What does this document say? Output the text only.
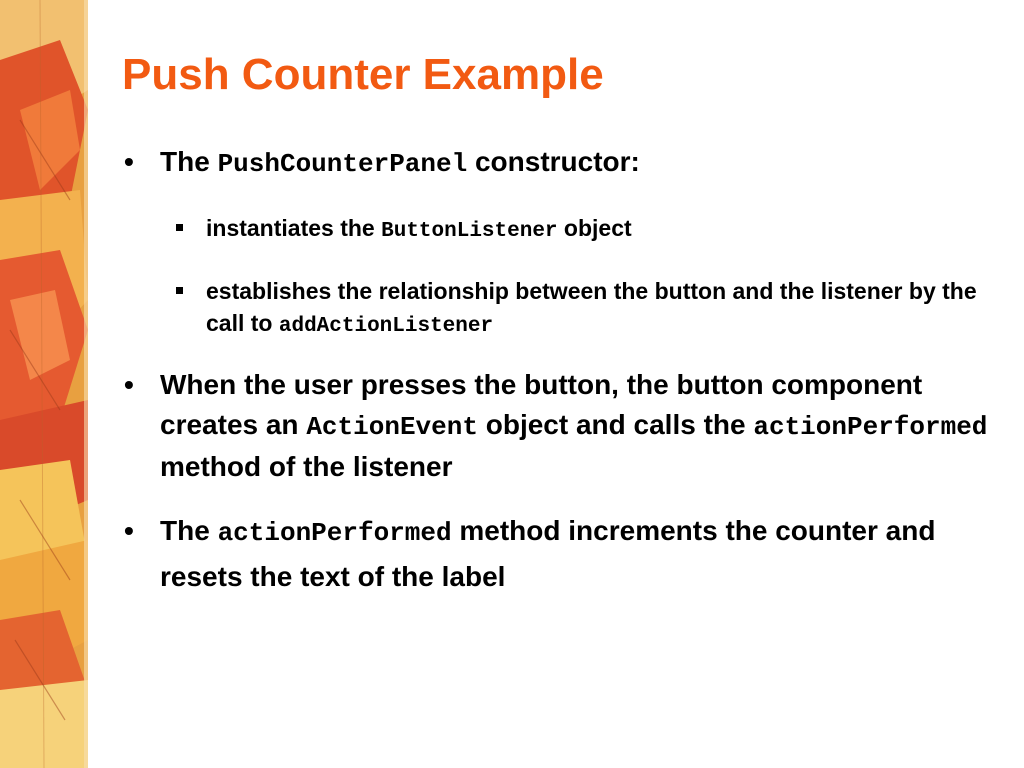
Push Counter Example
• The PushCounterPanel constructor:
instantiates the ButtonListener object
establishes the relationship between the button and the listener by the call to addActionListener
• When the user presses the button, the button component creates an ActionEvent object and calls the actionPerformed method of the listener
• The actionPerformed method increments the counter and resets the text of the label
